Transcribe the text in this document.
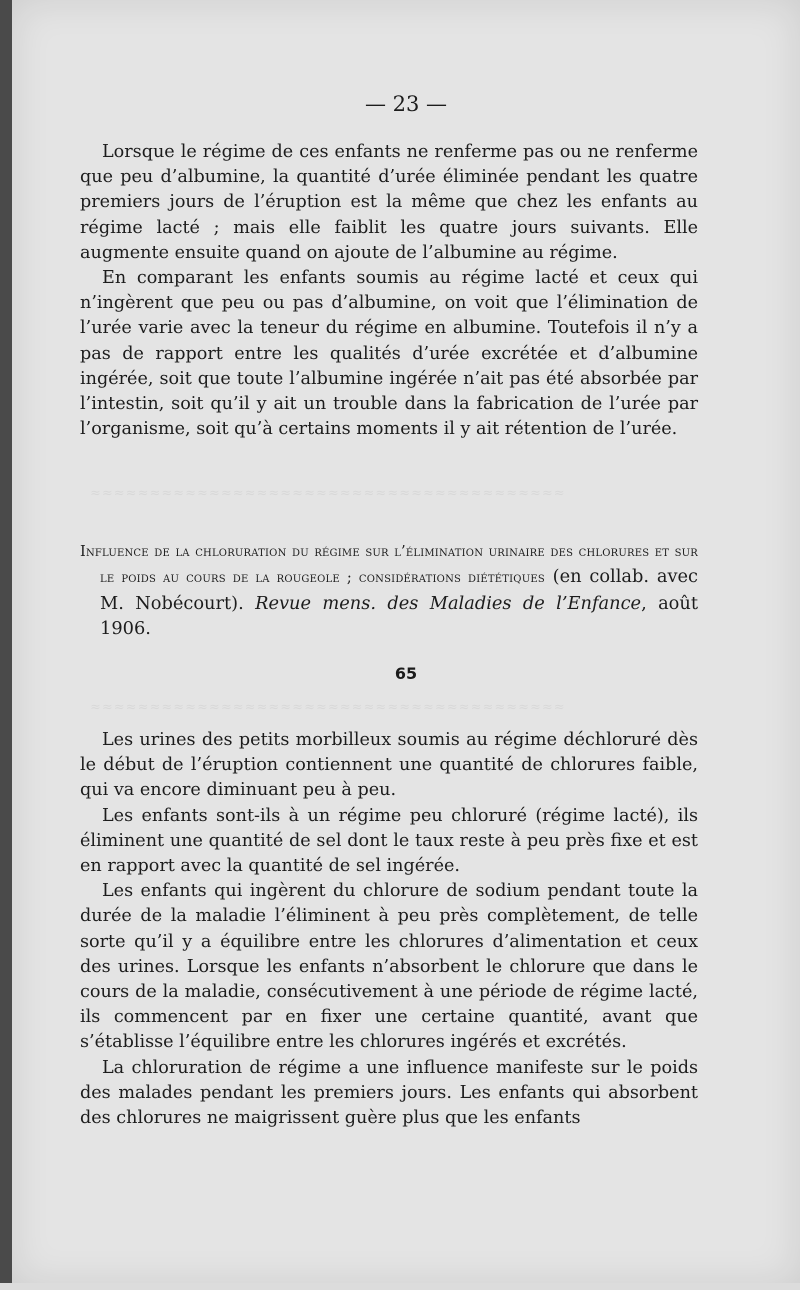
≈≈≈≈≈≈≈≈≈≈≈≈≈≈≈≈≈≈≈≈≈≈≈≈≈≈≈≈≈≈≈≈≈≈≈≈≈≈≈≈
≈≈≈≈≈≈≈≈≈≈≈≈≈≈≈≈≈≈≈≈≈≈≈≈≈≈≈≈≈≈≈≈≈≈≈≈≈≈≈≈
— 23 —

Lorsque le régime de ces enfants ne renferme pas ou ne renferme que peu d’albumine, la quantité d’urée éliminée pendant les quatre premiers jours de l’éruption est la même que chez les enfants au régime lacté ; mais elle faiblit les quatre jours suivants. Elle augmente ensuite quand on ajoute de l’albumine au régime.

En comparant les enfants soumis au régime lacté et ceux qui n’ingèrent que peu ou pas d’albumine, on voit que l’élimination de l’urée varie avec la teneur du régime en albumine. Toutefois il n’y a pas de rapport entre les qualités d’urée excrétée et d’albumine ingérée, soit que toute l’albumine ingérée n’ait pas été absorbée par l’intestin, soit qu’il y ait un trouble dans la fabrication de l’urée par l’organisme, soit qu’à certains moments il y ait rétention de l’urée.

Influence de la chloruration du régime sur l’élimination urinaire des chlorures et sur le poids au cours de la rougeole ; considérations diététiques (en collab. avec M. Nobécourt). Revue mens. des Maladies de l’Enfance, août 1906.

65

Les urines des petits morbilleux soumis au régime déchloruré dès le début de l’éruption contiennent une quantité de chlorures faible, qui va encore diminuant peu à peu.

Les enfants sont-ils à un régime peu chloruré (régime lacté), ils éliminent une quantité de sel dont le taux reste à peu près fixe et est en rapport avec la quantité de sel ingérée.

Les enfants qui ingèrent du chlorure de sodium pendant toute la durée de la maladie l’éliminent à peu près complètement, de telle sorte qu’il y a équilibre entre les chlorures d’alimentation et ceux des urines. Lorsque les enfants n’absorbent le chlorure que dans le cours de la maladie, consécutivement à une période de régime lacté, ils commencent par en fixer une certaine quantité, avant que s’établisse l’équilibre entre les chlorures ingérés et excrétés.

La chloruration de régime a une influence manifeste sur le poids des malades pendant les premiers jours. Les enfants qui absorbent des chlorures ne maigrissent guère plus que les enfants
